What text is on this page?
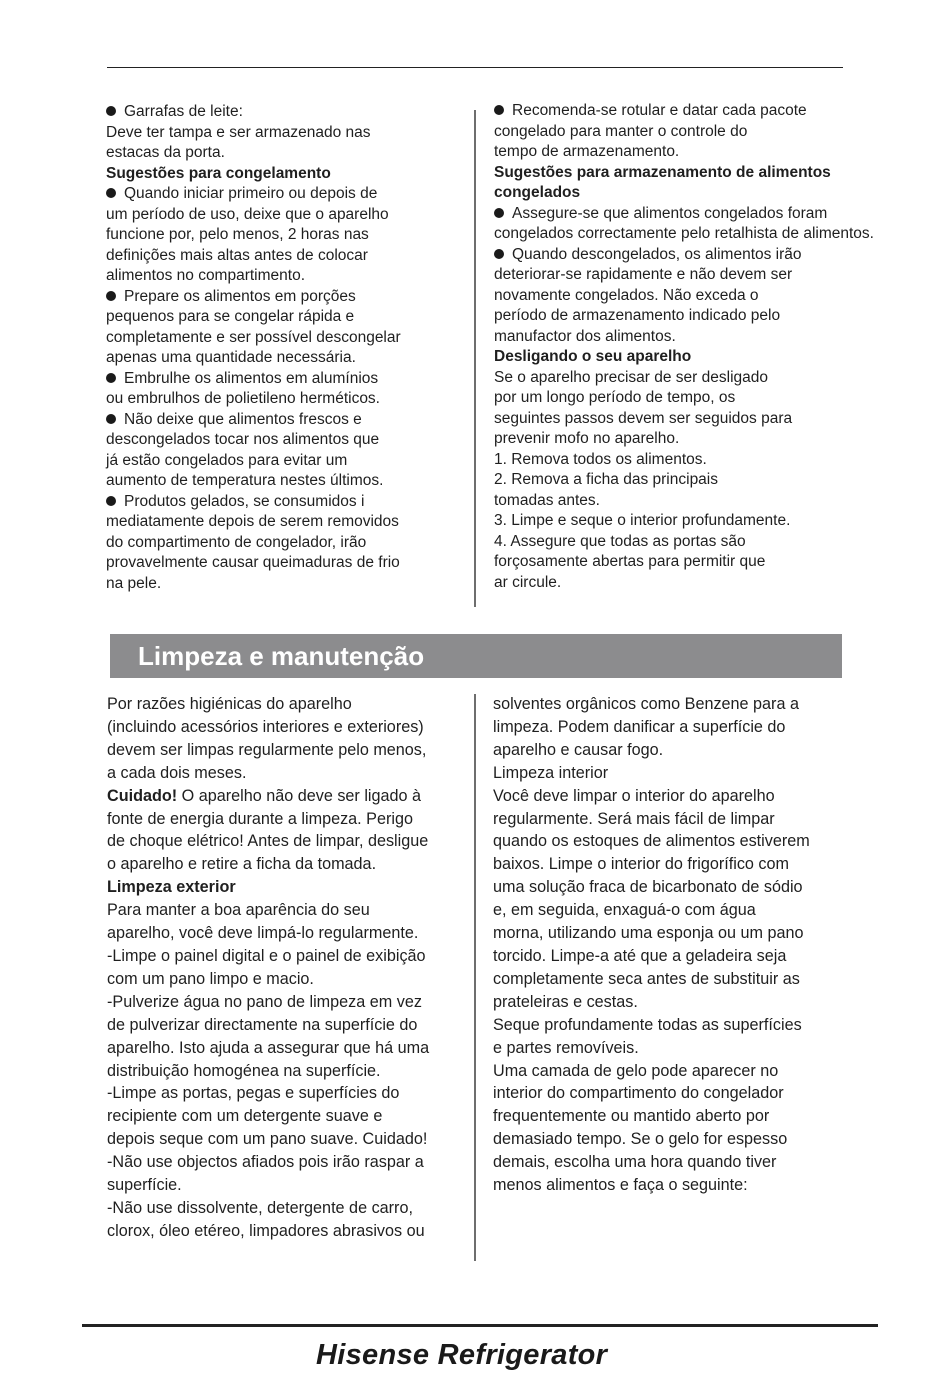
Garrafas de leite:

Deve ter tampa e ser armazenado nas

estacas da porta.

Sugestões para congelamento

Quando iniciar primeiro ou depois de

um período de uso, deixe que o aparelho

funcione por, pelo menos, 2 horas nas

definições mais altas antes de colocar

alimentos no compartimento.

Prepare os alimentos em porções

pequenos para se congelar rápida e

completamente e ser possível descongelar

apenas uma quantidade necessária.

Embrulhe os alimentos em alumínios

ou embrulhos de polietileno herméticos.

Não deixe que alimentos frescos e

descongelados tocar nos alimentos que

já estão congelados para evitar um

aumento de temperatura nestes últimos.

Produtos gelados, se consumidos i

mediatamente depois de serem removidos

do compartimento de congelador, irão

provavelmente causar queimaduras de frio

na pele.

Recomenda-se rotular e datar cada pacote

congelado para manter o controle do

tempo de armazenamento.

Sugestões para armazenamento de alimentos

congelados

Assegure-se que alimentos congelados foram

congelados correctamente pelo retalhista de alimentos.

Quando descongelados, os alimentos irão

deteriorar-se rapidamente e não devem ser

novamente congelados. Não exceda o

período de armazenamento indicado pelo

manufactor dos alimentos.

Desligando o seu aparelho

Se o aparelho precisar de ser desligado

por um longo período de tempo, os

seguintes passos devem ser seguidos para

prevenir mofo no aparelho.

1. Remova todos os alimentos.

2. Remova a ficha das principais

tomadas antes.

3. Limpe e seque o interior profundamente.

4. Assegure que todas as portas são

forçosamente abertas para permitir que

ar circule.

Limpeza e manutenção

Por razões higiénicas do aparelho

(incluindo acessórios interiores e exteriores)

devem ser limpas regularmente pelo menos,

a cada dois meses.

Cuidado! O aparelho não deve ser ligado à

fonte de energia durante a limpeza. Perigo

de choque elétrico! Antes de limpar, desligue

o aparelho e retire a ficha da tomada.

Limpeza exterior

Para manter a boa aparência do seu

aparelho, você deve limpá-lo regularmente.

-Limpe o painel digital e o painel de exibição

com um pano limpo e macio.

-Pulverize água no pano de limpeza em vez

de pulverizar directamente na superfície do

aparelho. Isto ajuda a assegurar que há uma

distribuição homogénea na superfície.

-Limpe as portas, pegas e superfícies do

recipiente com um detergente suave e

depois seque com um pano suave. Cuidado!

-Não use objectos afiados pois irão raspar a

superfície.

-Não use dissolvente, detergente de carro,

clorox, óleo etéreo, limpadores abrasivos ou

solventes orgânicos como Benzene para a

limpeza. Podem danificar a superfície do

aparelho e causar fogo.

Limpeza interior

Você deve limpar o interior do aparelho

regularmente. Será mais fácil de limpar

quando os estoques de alimentos estiverem

baixos. Limpe o interior do frigorífico com

uma solução fraca de bicarbonato de sódio

e, em seguida, enxaguá-o com água

morna, utilizando uma esponja ou um pano

torcido. Limpe-a até que a geladeira seja

completamente seca antes de substituir as

prateleiras e cestas.

Seque profundamente todas as superfícies

e partes removíveis.

Uma camada de gelo pode aparecer no

interior do compartimento do congelador

frequentemente ou mantido aberto por

demasiado tempo. Se o gelo for espesso

demais, escolha uma hora quando tiver

menos alimentos e faça o seguinte:

Hisense Refrigerator
